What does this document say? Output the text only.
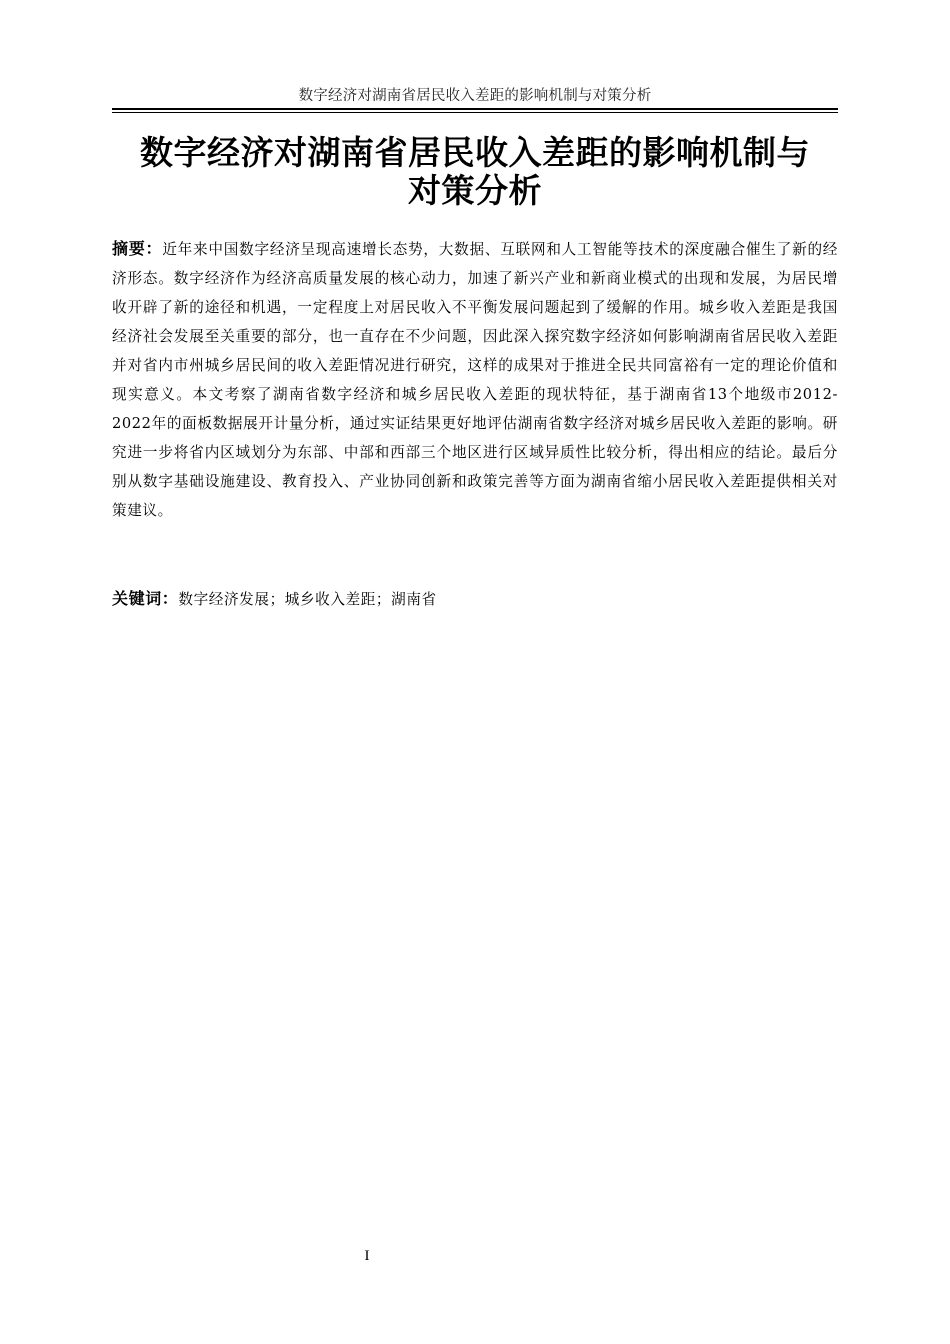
数字经济对湖南省居民收入差距的影响机制与对策分析
数字经济对湖南省居民收入差距的影响机制与
对策分析
摘要：近年来中国数字经济呈现高速增长态势，大数据、互联网和人工智能等技术的深度融合催生了新的经济形态。数字经济作为经济高质量发展的核心动力，加速了新兴产业和新商业模式的出现和发展，为居民增收开辟了新的途径和机遇，一定程度上对居民收入不平衡发展问题起到了缓解的作用。城乡收入差距是我国经济社会发展至关重要的部分，也一直存在不少问题，因此深入探究数字经济如何影响湖南省居民收入差距并对省内市州城乡居民间的收入差距情况进行研究，这样的成果对于推进全民共同富裕有一定的理论价值和现实意义。本文考察了湖南省数字经济和城乡居民收入差距的现状特征，基于湖南省13个地级市2012-2022年的面板数据展开计量分析，通过实证结果更好地评估湖南省数字经济对城乡居民收入差距的影响。研究进一步将省内区域划分为东部、中部和西部三个地区进行区域异质性比较分析，得出相应的结论。最后分别从数字基础设施建设、教育投入、产业协同创新和政策完善等方面为湖南省缩小居民收入差距提供相关对策建议。
关键词：数字经济发展；城乡收入差距；湖南省
I
